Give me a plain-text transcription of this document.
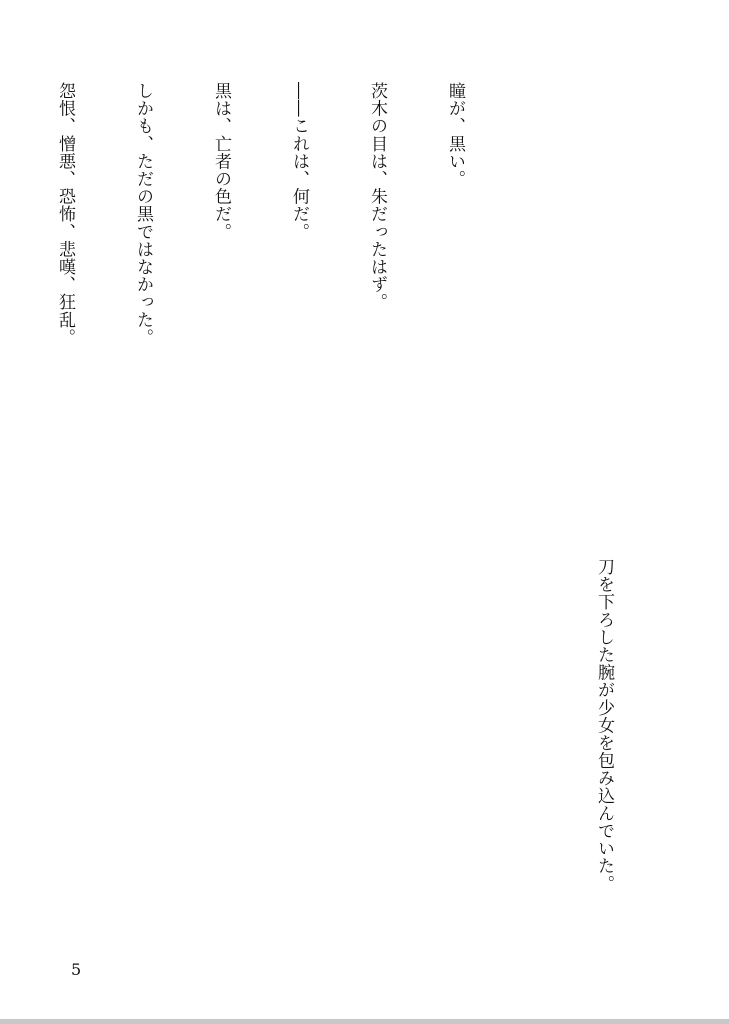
瞳が、黒い。

茨木の目は、朱だったはず。

――これは、何だ。

黒は、亡者の色だ。

しかも、ただの黒ではなかった。

怨恨、憎悪、恐怖、悲嘆、狂乱。

刀を下ろした腕が少女を包み込んでいた。

5
